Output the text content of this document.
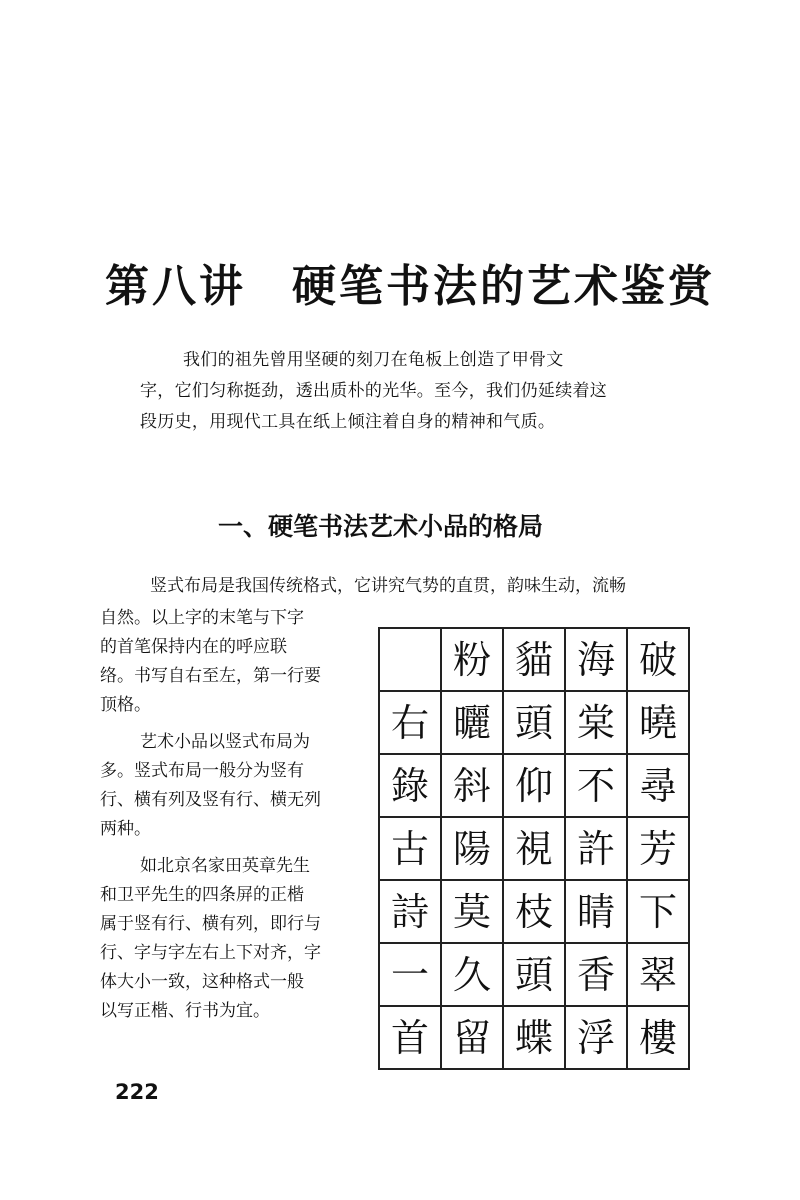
第八讲 硬笔书法的艺术鉴赏
我们的祖先曾用坚硬的刻刀在龟板上创造了甲骨文
字，它们匀称挺劲，透出质朴的光华。至今，我们仍延续着这
段历史，用现代工具在纸上倾注着自身的精神和气质。
一、硬笔书法艺术小品的格局
竖式布局是我国传统格式，它讲究气势的直贯，韵味生动，流畅
自然。以上字的末笔与下字
的首笔保持内在的呼应联
络。书写自右至左，第一行要
顶格。
艺术小品以竖式布局为
多。竖式布局一般分为竖有
行、横有列及竖有行、横无列
两种。
如北京名家田英章先生
和卫平先生的四条屏的正楷
属于竖有行、横有列，即行与
行、字与字左右上下对齐，字
体大小一致，这种格式一般
以写正楷、行书为宜。
	粉	貓	海	破
右	曬	頭	棠	曉
錄	斜	仰	不	尋
古	陽	視	許	芳
詩	莫	枝	睛	下
一	久	頭	香	翠
首	留	蝶	浮	樓
222
